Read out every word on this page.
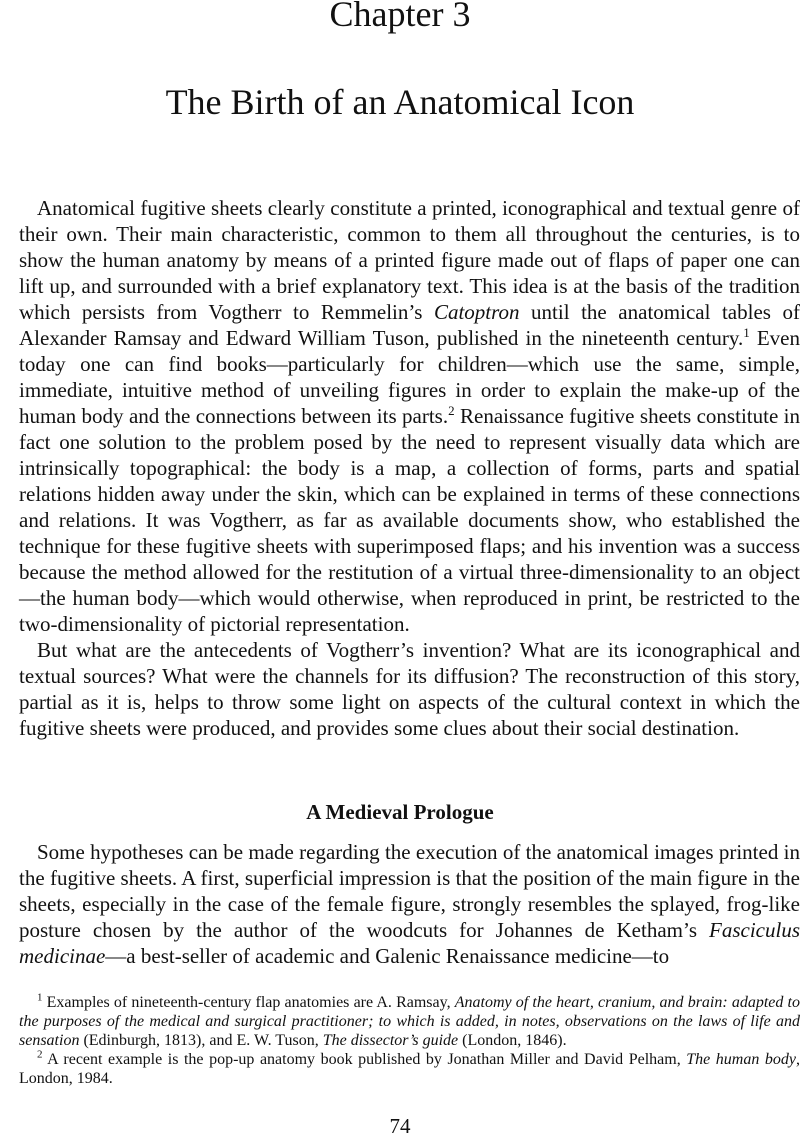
Chapter 3
The Birth of an Anatomical Icon

Anatomical fugitive sheets clearly constitute a printed, iconographical and textual genre of their own. Their main characteristic, common to them all throughout the centuries, is to show the human anatomy by means of a printed figure made out of flaps of paper one can lift up, and surrounded with a brief explanatory text. This idea is at the basis of the tradition which persists from Vogtherr to Remmelin’s Catoptron until the anatomical tables of Alexander Ramsay and Edward William Tuson, published in the nineteenth century.$^1$ Even today one can find books—particularly for children—which use the same, simple, immediate, intuitive method of unveiling figures in order to explain the make-up of the human body and the connections between its parts.$^2$ Renaissance fugitive sheets constitute in fact one solution to the problem posed by the need to represent visually data which are intrinsically topographical: the body is a map, a collection of forms, parts and spatial relations hidden away under the skin, which can be explained in terms of these connections and relations. It was Vogtherr, as far as available documents show, who established the technique for these fugitive sheets with superimposed flaps; and his invention was a success because the method allowed for the restitution of a virtual three-dimensionality to an object—the human body—which would otherwise, when reproduced in print, be restricted to the two-dimensionality of pictorial representation.

But what are the antecedents of Vogtherr’s invention? What are its iconographical and textual sources? What were the channels for its diffusion? The reconstruction of this story, partial as it is, helps to throw some light on aspects of the cultural context in which the fugitive sheets were produced, and provides some clues about their social destination.

A Medieval Prologue

Some hypotheses can be made regarding the execution of the anatomical images printed in the fugitive sheets. A first, superficial impression is that the position of the main figure in the sheets, especially in the case of the female figure, strongly resembles the splayed, frog-like posture chosen by the author of the woodcuts for Johannes de Ketham’s Fasciculus medicinae—a best-seller of academic and Galenic Renaissance medicine—to

$^1$ Examples of nineteenth-century flap anatomies are A. Ramsay, Anatomy of the heart, cranium, and brain: adapted to the purposes of the medical and surgical practitioner; to which is added, in notes, observations on the laws of life and sensation (Edinburgh, 1813), and E. W. Tuson, The dissector’s guide (London, 1846).

$^2$ A recent example is the pop-up anatomy book published by Jonathan Miller and David Pelham, The human body, London, 1984.

74
